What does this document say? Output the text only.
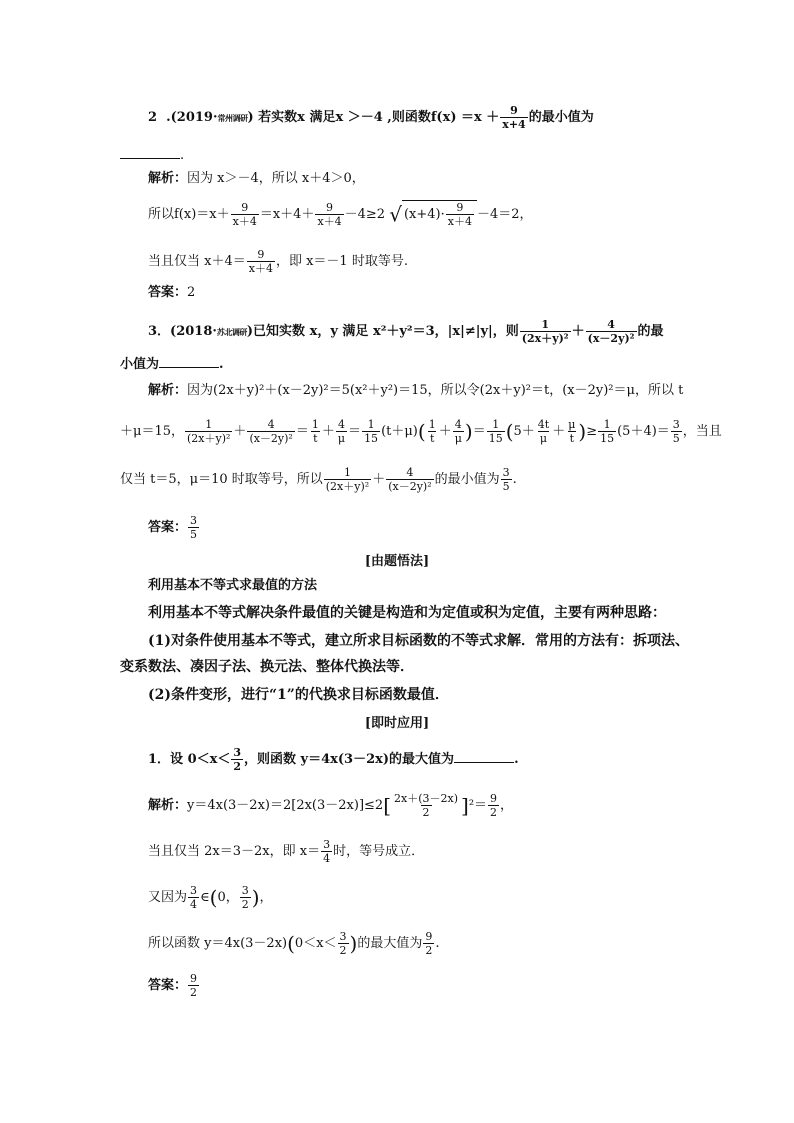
2 .(2019·常州调研) 若实数x 满足x ＞－4 ,则函数$f(x) =x + \frac{9}{x+4}$ 的最小值为
.
解析：因为 x＞－4，所以 x＋4＞0，
所以$f(x)=x+ \frac{9}{x+4} =x+4+ \frac{9}{x+4} -4\ge 2$ √ $(x+4)\cdot \frac{9}{x+4} -4=2$，
当且仅当 $x+4= \frac{9}{x+4}$ ，即 x＝－1 时取等号.
答案：2
3．(2018·苏北调研)已知实数 x，y 满足 x²＋y²＝3，|x|≠|y|，则 $\frac{1}{\text{(2x＋y)²}} + \frac{4}{\text{(x－2y)²}}$ 的最
小值为	.
解析：因为(2x＋y)²＋(x－2y)²＝5(x²＋y²)＝15，所以令(2x＋y)²＝t，(x－2y)²＝μ，所以 t
＋μ＝15， $\frac{1}{\text{(2x＋y)²}} + \frac{4}{\text{(x－2y)²}} = \frac{1}{t} + \frac{4}{\mu} = \frac{1}{15} (t+\mu)( \frac{1}{t} + \frac{4}{\mu}$ )＝ $\frac{1}{15} (5+ \frac{4t}{\mu} + \frac{\mu}{t}$ )≥ $\frac{1}{15} (5+4)= \frac{3}{5}$ ，当且
仅当 t＝5，μ＝10 时取等号，所以 $\frac{1}{\text{(2x＋y)²}} + \frac{4}{\text{(x－2y)²}}$ 的最小值为 $\frac{3}{5}$ .
答案： $\frac{3}{5}$
[由题悟法]
利用基本不等式求最值的方法
利用基本不等式解决条件最值的关键是构造和为定值或积为定值，主要有两种思路：
(1)对条件使用基本不等式，建立所求目标函数的不等式求解．常用的方法有：拆项法、
变系数法、凑因子法、换元法、整体代换法等．
(2)条件变形，进行“1”的代换求目标函数最值．
[即时应用]
1．设 $0<x< \frac{3}{2}$ ，则函数 y＝4x(3－2x)的最大值为	.
解析：$y=4x(3-2x)=2[2x(3-2x)]\le 2[ \frac{2x+(3-2x)}{2} ]^2= \frac{9}{2}$ ，
当且仅当 2x＝3－2x，即 $x= \frac{3}{4}$ 时，等号成立．
又因为 $\frac{3}{4}$ ∈(0， $\frac{3}{2}$ )，
所以函数 $y=4x(3-2x)(0<x< \frac{3}{2}$ )的最大值为 $\frac{9}{2}$ .
答案： $\frac{9}{2}$
